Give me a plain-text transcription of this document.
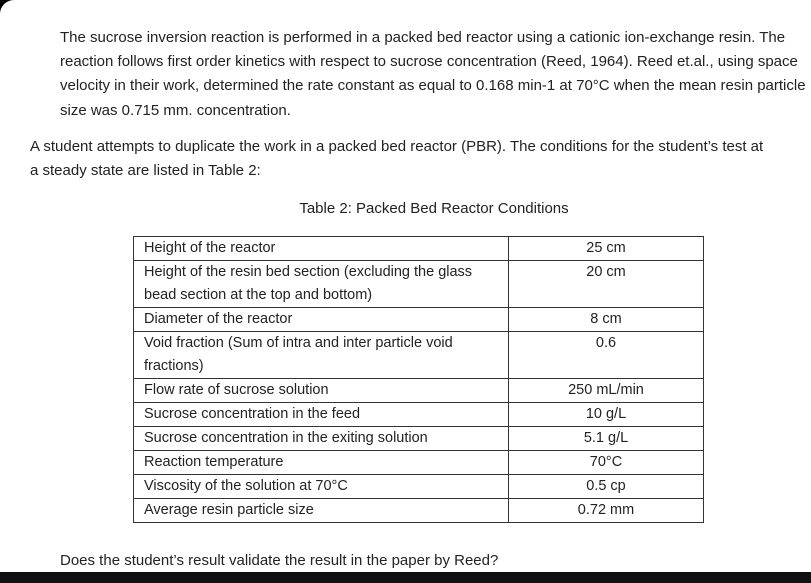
The sucrose inversion reaction is performed in a packed bed reactor using a cationic ion-exchange resin. The reaction follows first order kinetics with respect to sucrose concentration (Reed, 1964). Reed et.al., using space velocity in their work, determined the rate constant as equal to 0.168 min-1 at 70°C when the mean resin particle size was 0.715 mm. concentration.

A student attempts to duplicate the work in a packed bed reactor (PBR). The conditions for the student’s test at a steady state are listed in Table 2:

Table 2: Packed Bed Reactor Conditions
Height of the reactor	25 cm
Height of the resin bed section (excluding the glass bead section at the top and bottom)	20 cm
Diameter of the reactor	8 cm
Void fraction (Sum of intra and inter particle void fractions)	0.6
Flow rate of sucrose solution	250 mL/min
Sucrose concentration in the feed	10 g/L
Sucrose concentration in the exiting solution	5.1 g/L
Reaction temperature	70°C
Viscosity of the solution at 70°C	0.5 cp
Average resin particle size	0.72 mm
Does the student’s result validate the result in the paper by Reed?
